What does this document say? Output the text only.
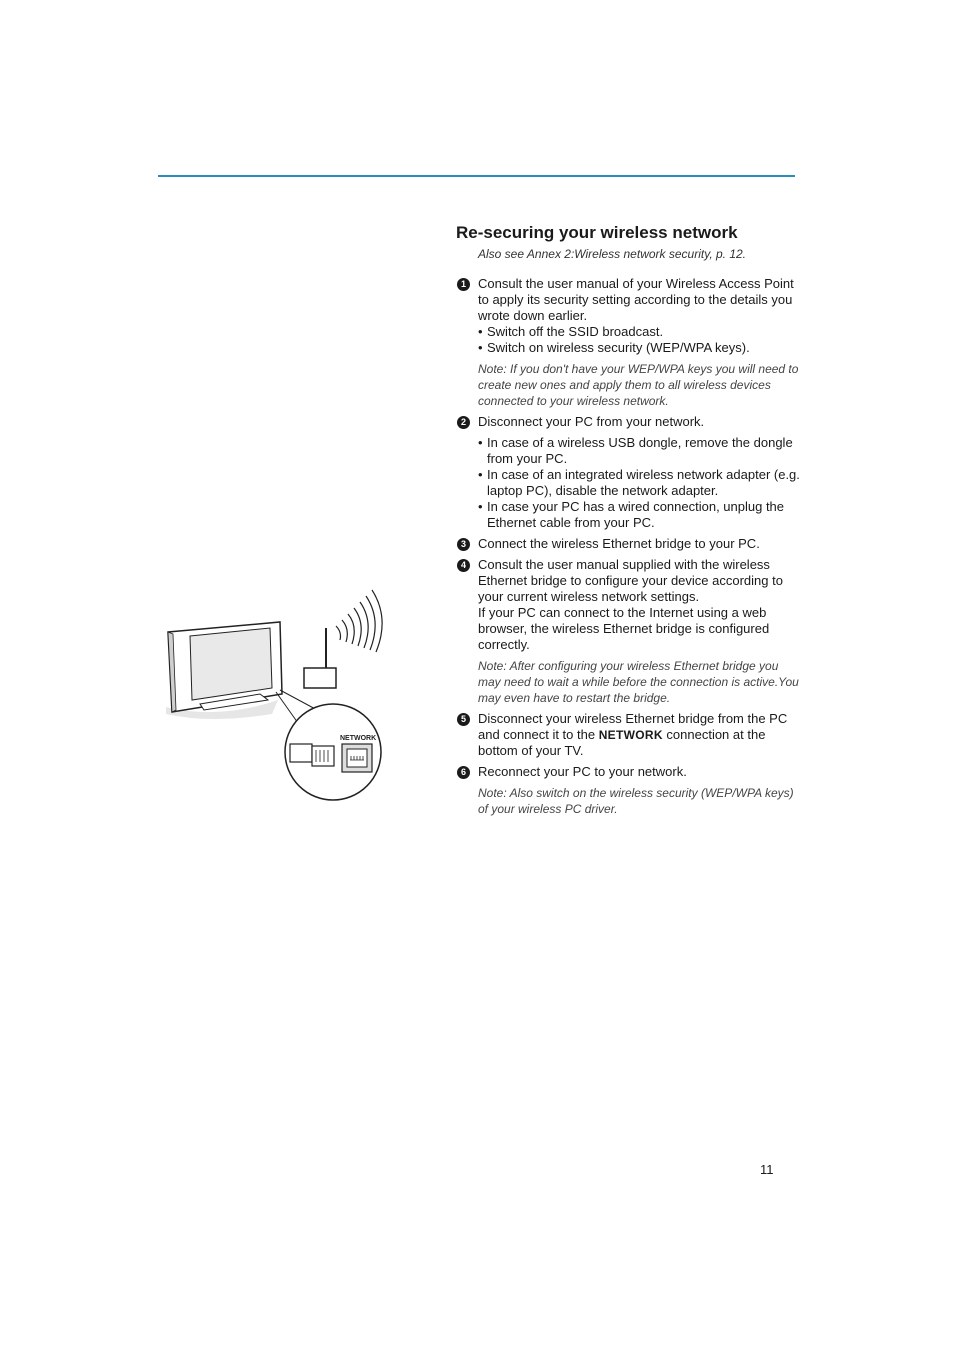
NETWORK
Re-securing your wireless network

Also see Annex 2:Wireless network security, p. 12.

1 Consult the user manual of your Wireless Access Point to apply its security setting according to the details you wrote down earlier.

• Switch off the SSID broadcast.
• Switch on wireless security (WEP/WPA keys).

Note: If you don't have your WEP/WPA keys you will need to create new ones and apply them to all wireless devices connected to your wireless network.

2 Disconnect your PC from your network.

• In case of a wireless USB dongle, remove the dongle from your PC.
• In case of an integrated wireless network adapter (e.g. laptop PC), disable the network adapter.
• In case your PC has a wired connection, unplug the Ethernet cable from your PC.
3 Connect the wireless Ethernet bridge to your PC.

4 Consult the user manual supplied with the wireless Ethernet bridge to configure your device according to your current wireless network settings.

If your PC can connect to the Internet using a web browser, the wireless Ethernet bridge is configured correctly.

Note: After configuring your wireless Ethernet bridge you may need to wait a while before the connection is active.You may even have to restart the bridge.

5 Disconnect your wireless Ethernet bridge from the PC and connect it to the NETWORK connection at the bottom of your TV.

6 Reconnect your PC to your network.

Note: Also switch on the wireless security (WEP/WPA keys) of your wireless PC driver.

11
